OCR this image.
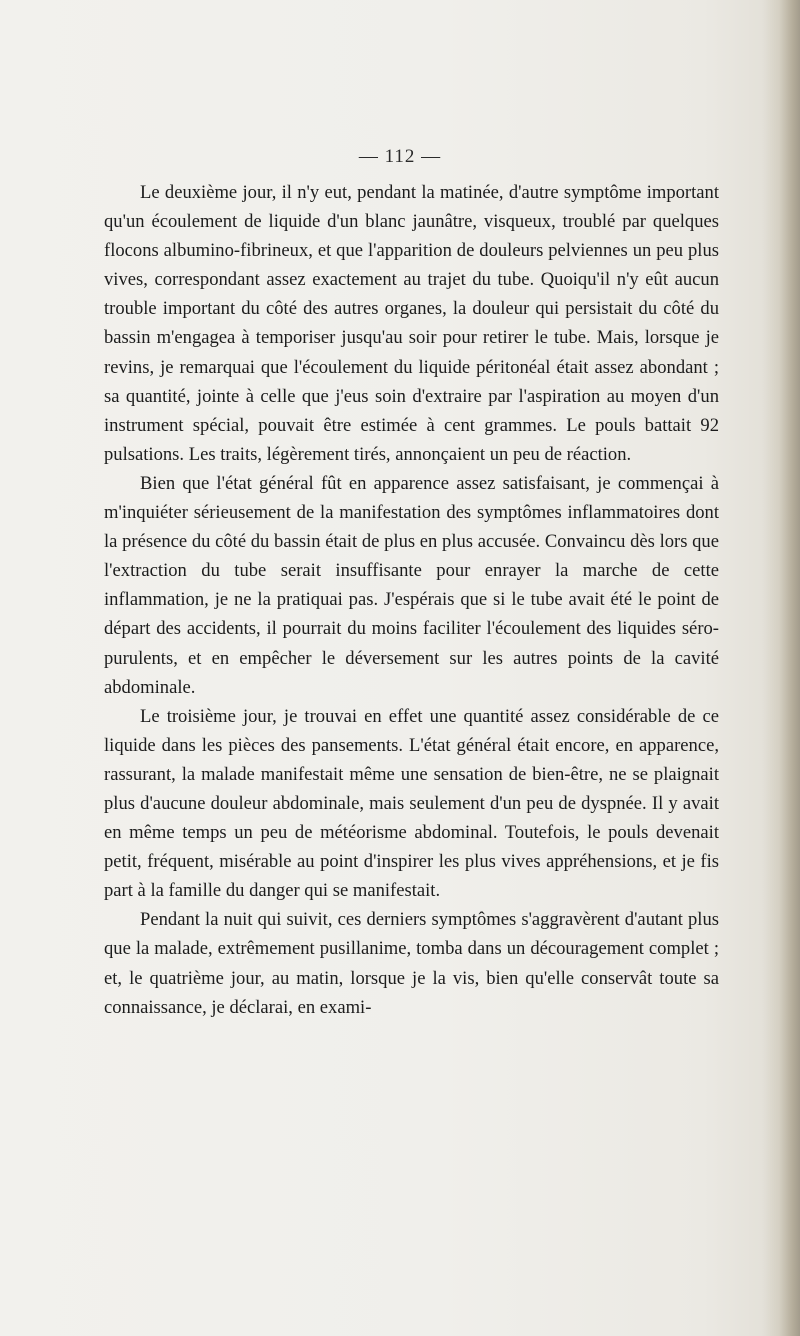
— 112 —

Le deuxième jour, il n'y eut, pendant la matinée, d'autre symptôme important qu'un écoulement de liquide d'un blanc jaunâtre, visqueux, troublé par quelques flocons albumino-fibrineux, et que l'apparition de douleurs pelviennes un peu plus vives, correspondant assez exactement au trajet du tube. Quoiqu'il n'y eût aucun trouble important du côté des autres organes, la douleur qui persistait du côté du bassin m'engagea à temporiser jusqu'au soir pour retirer le tube. Mais, lorsque je revins, je remarquai que l'écoulement du liquide péritonéal était assez abondant ; sa quantité, jointe à celle que j'eus soin d'extraire par l'aspiration au moyen d'un instrument spécial, pouvait être estimée à cent grammes. Le pouls battait 92 pulsations. Les traits, légèrement tirés, annonçaient un peu de réaction.

Bien que l'état général fût en apparence assez satisfaisant, je commençai à m'inquiéter sérieusement de la manifestation des symptômes inflammatoires dont la présence du côté du bassin était de plus en plus accusée. Convaincu dès lors que l'extraction du tube serait insuffisante pour enrayer la marche de cette inflammation, je ne la pratiquai pas. J'espérais que si le tube avait été le point de départ des accidents, il pourrait du moins faciliter l'écoulement des liquides séro-purulents, et en empêcher le déversement sur les autres points de la cavité abdominale.

Le troisième jour, je trouvai en effet une quantité assez considérable de ce liquide dans les pièces des pansements. L'état général était encore, en apparence, rassurant, la malade manifestait même une sensation de bien-être, ne se plaignait plus d'aucune douleur abdominale, mais seulement d'un peu de dyspnée. Il y avait en même temps un peu de météorisme abdominal. Toutefois, le pouls devenait petit, fréquent, misérable au point d'inspirer les plus vives appréhensions, et je fis part à la famille du danger qui se manifestait.

Pendant la nuit qui suivit, ces derniers symptômes s'aggravèrent d'autant plus que la malade, extrêmement pusillanime, tomba dans un découragement complet ; et, le quatrième jour, au matin, lorsque je la vis, bien qu'elle conservât toute sa connaissance, je déclarai, en exami-
